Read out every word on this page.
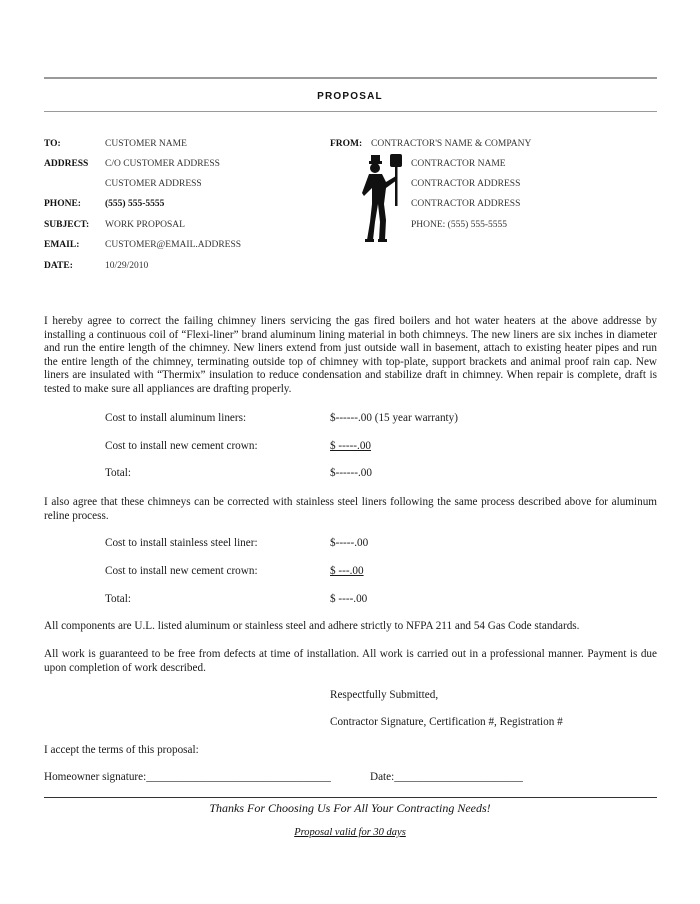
PROPOSAL
TO:	CUSTOMER NAME
ADDRESS C/O CUSTOMER ADDRESS
CUSTOMER ADDRESS
PHONE:	(555) 555-5555
SUBJECT: WORK PROPOSAL
EMAIL:	CUSTOMER@EMAIL.ADDRESS
DATE:	10/29/2010
FROM: CONTRACTOR'S NAME & COMPANY
CONTRACTOR NAME
CONTRACTOR ADDRESS
CONTRACTOR ADDRESS
PHONE: (555) 555-5555
I hereby agree to correct the failing chimney liners servicing the gas fired boilers and hot water heaters at the above addresse by installing a continuous coil of “Flexi-liner” brand aluminum lining material in both chimneys. The new liners are six inches in diameter and run the entire length of the chimney. New liners extend from just outside wall in basement, attach to existing heater pipes and run the entire length of the chimney, terminating outside top of chimney with top-plate, support brackets and animal proof rain cap. New liners are insulated with “Thermix” insulation to reduce condensation and stabilize draft in chimney. When repair is complete, draft is tested to make sure all appliances are drafting properly.
Cost to install aluminum liners:	$------.00 (15 year warranty)
Cost to install new cement crown:	$ -----.00
Total:	$------.00
I also agree that these chimneys can be corrected with stainless steel liners following the same process described above for aluminum reline process.
Cost to install stainless steel liner:	$-----.00
Cost to install new cement crown:	$ ---.00
Total:	$ ----.00
All components are U.L. listed aluminum or stainless steel and adhere strictly to NFPA 211 and 54 Gas Code standards.
All work is guaranteed to be free from defects at time of installation. All work is carried out in a professional manner. Payment is due upon completion of work described.
Respectfully Submitted,
Contractor Signature, Certification #, Registration #
I accept the terms of this proposal:
Homeowner signature:_________________________________	Date:_______________________
Thanks For Choosing Us For All Your Contracting Needs!
Proposal valid for 30 days
